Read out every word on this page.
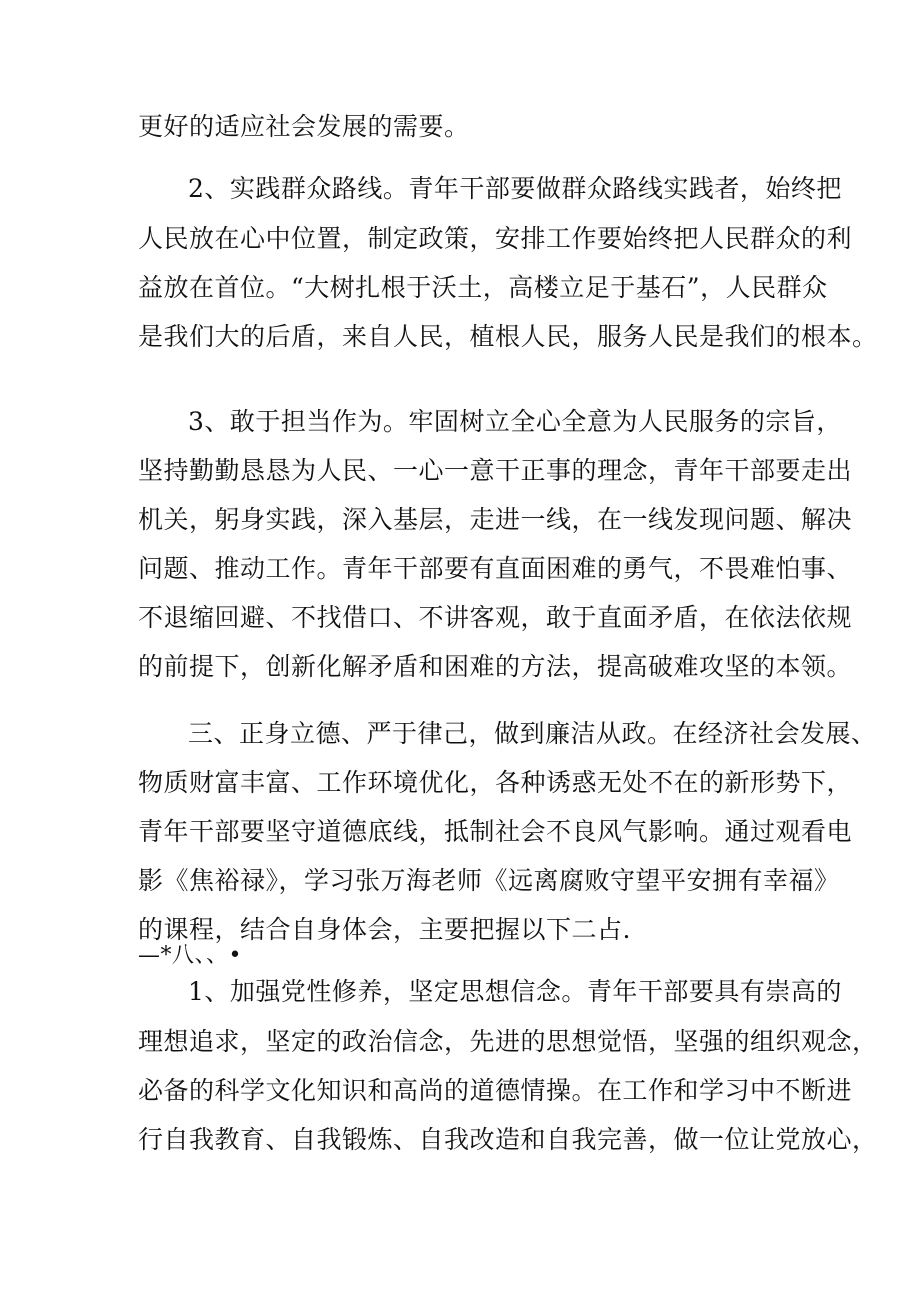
更好的适应社会发展的需要。
2、实践群众路线。青年干部要做群众路线实践者，始终把
人民放在心中位置，制定政策，安排工作要始终把人民群众的利
益放在首位。“大树扎根于沃土，高楼立足于基石”，人民群众
是我们大的后盾，来自人民，植根人民，服务人民是我们的根本。
3、敢于担当作为。牢固树立全心全意为人民服务的宗旨，
坚持勤勤恳恳为人民、一心一意干正事的理念，青年干部要走出
机关，躬身实践，深入基层，走进一线，在一线发现问题、解决
问题、推动工作。青年干部要有直面困难的勇气，不畏难怕事、
不退缩回避、不找借口、不讲客观，敢于直面矛盾，在依法依规
的前提下，创新化解矛盾和困难的方法，提高破难攻坚的本领。
三、正身立德、严于律己，做到廉洁从政。在经济社会发展、
物质财富丰富、工作环境优化，各种诱惑无处不在的新形势下，
青年干部要坚守道德底线，抵制社会不良风气影响。通过观看电
影《焦裕禄》，学习张万海老师《远离腐败守望平安拥有幸福》
的课程，结合自身体会，主要把握以下二占.
—*八、、•
1、加强党性修养，坚定思想信念。青年干部要具有崇高的
理想追求，坚定的政治信念，先进的思想觉悟，坚强的组织观念，
必备的科学文化知识和高尚的道德情操。在工作和学习中不断进
行自我教育、自我锻炼、自我改造和自我完善，做一位让党放心，
